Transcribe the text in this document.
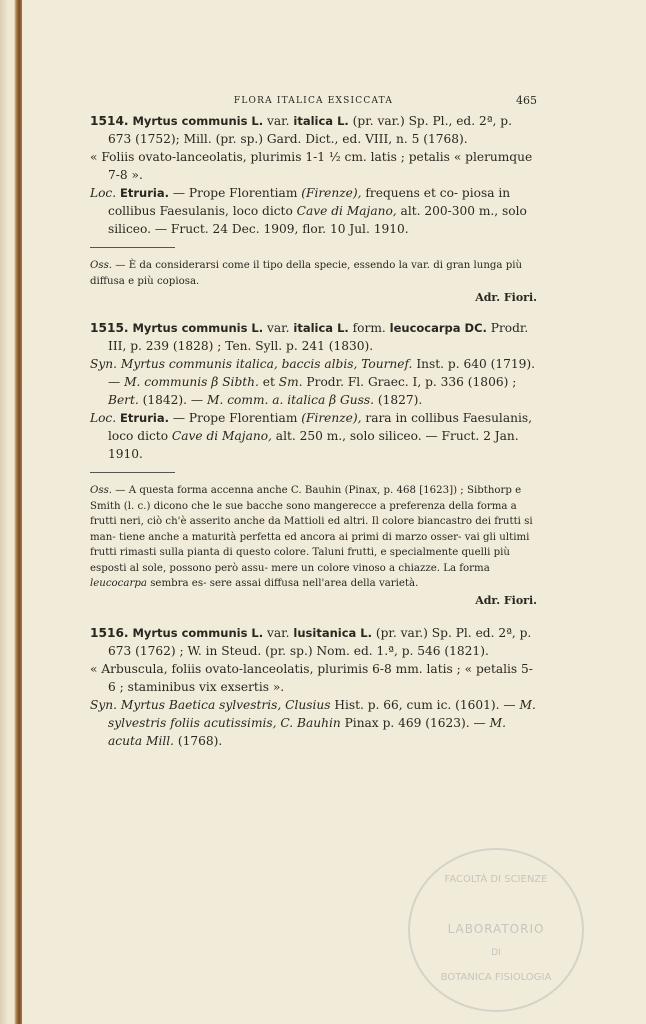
FLORA ITALICA EXSICCATA	465

1514. Myrtus communis L. var. italica L. (pr. var.) Sp. Pl., ed. 2ª, p. 673 (1752); Mill. (pr. sp.) Gard. Dict., ed. VIII, n. 5 (1768).

« Foliis ovato-lanceolatis, plurimis 1-1 ½ cm. latis ; petalis « plerumque 7-8 ».

Loc. Etruria. — Prope Florentiam (Firenze), frequens et co- piosa in collibus Faesulanis, loco dicto Cave di Majano, alt. 200-300 m., solo siliceo. — Fruct. 24 Dec. 1909, flor. 10 Jul. 1910.

Oss. — È da considerarsi come il tipo della specie, essendo la var. di gran lunga più diffusa e più copiosa.

Adr. Fiori.

1515. Myrtus communis L. var. italica L. form. leucocarpa DC. Prodr. III, p. 239 (1828) ; Ten. Syll. p. 241 (1830).

Syn. Myrtus communis italica, baccis albis, Tournef. Inst. p. 640 (1719). — M. communis β Sibth. et Sm. Prodr. Fl. Graec. I, p. 336 (1806) ; Bert. (1842). — M. comm. a. italica β Guss. (1827).

Loc. Etruria. — Prope Florentiam (Firenze), rara in collibus Faesulanis, loco dicto Cave di Majano, alt. 250 m., solo siliceo. — Fruct. 2 Jan. 1910.

Oss. — A questa forma accenna anche C. Bauhin (Pinax, p. 468 [1623]) ; Sibthorp e Smith (l. c.) dicono che le sue bacche sono mangerecce a preferenza della forma a frutti neri, ciò ch'è asserito anche da Mattioli ed altri. Il colore biancastro dei frutti si man- tiene anche a maturità perfetta ed ancora ai primi di marzo osser- vai gli ultimi frutti rimasti sulla pianta di questo colore. Taluni frutti, e specialmente quelli più esposti al sole, possono però assu- mere un colore vinoso a chiazze. La forma leucocarpa sembra es- sere assai diffusa nell'area della varietà.

Adr. Fiori.

1516. Myrtus communis L. var. lusitanica L. (pr. var.) Sp. Pl. ed. 2ª, p. 673 (1762) ; W. in Steud. (pr. sp.) Nom. ed. 1.ª, p. 546 (1821).

« Arbuscula, foliis ovato-lanceolatis, plurimis 6-8 mm. latis ; « petalis 5-6 ; staminibus vix exsertis ».

Syn. Myrtus Baetica sylvestris, Clusius Hist. p. 66, cum ic. (1601). — M. sylvestris foliis acutissimis, C. Bauhin Pinax p. 469 (1623). — M. acuta Mill. (1768).

FACOLTÀ DI SCIENZE
LABORATORIO
DI
BOTANICA FISIOLOGIA
